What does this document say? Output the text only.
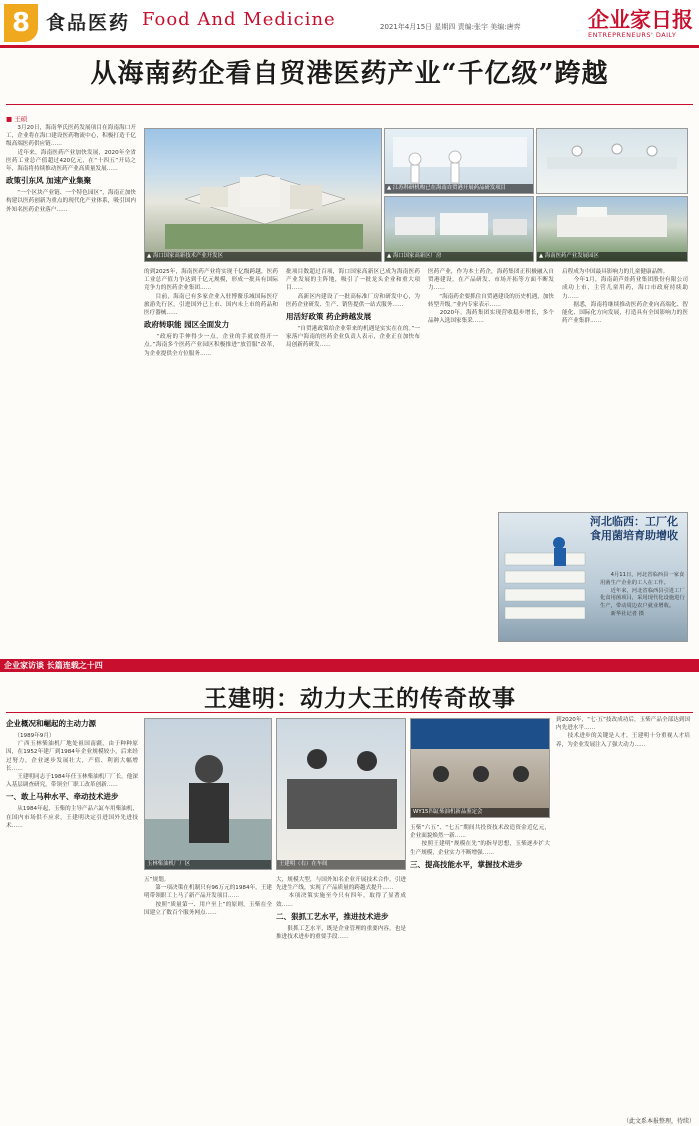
8 食品医药 Food And Medicine	2021年4月15日 星期四 责编:张宇 美编:唐弈	企业家日报
ENTREPRENEURS' DAILY
从海南药企看自贸港医药产业“千亿级”跨越
■ 王硕
▲ 海口国家高新技术产业开发区
▲ 江苏科研机构已在海南自贸港开展药品研发项目
▲ 海口国家高新区厂房	▲ 海南医药产业发展园区
　　3月20日，海南华氏医药发展项目在海南海口开工，企业将在海口建设医药物流中心，积极打造千亿级高端医药供应链……
　　近年来，海南医药产业加快发展，2020年全省医药工业总产值超过420亿元，在“十四五”开局之年，海南将持续推动医药产业高质量发展……
政策引东风 加速产业集聚
　　“一个区块产业链、一个特色园区”，海南正加快构建以医药创新为重点的现代化产业体系，吸引国内外知名医药企业落户……
的到2025年，海南医药产业将实现千亿级跨越，医药工业总产值力争达到千亿元规模，形成一批具有国际竞争力的医药企业集团……
　　目前，海南已有多家企业入驻博鳌乐城国际医疗旅游先行区，引进国外已上市、国内未上市的药品和医疗器械……
政府转职能 园区全面发力
　　“政府的手伸得少一点，企业的手就放得开一点。”海南多个医药产业园区积极推进“放管服”改革，为企业提供全方位服务……
批项目数超过百项，海口国家高新区已成为海南医药产业发展的主阵地，吸引了一批龙头企业和重大项目……
　　高新区内建设了一批高标准厂房和研发中心，为医药企业研发、生产、销售提供一站式服务……
用活好政策 药企跨越发展
　　“自贸港政策给企业带来的机遇是实实在在的。”一家落户海南的医药企业负责人表示，企业正在加快布局创新药研发……
医药产业，作为本土药企，海药集团正积极融入自贸港建设，在产品研发、市场开拓等方面不断发力……
　　“海南药企要抓住自贸港建设的历史机遇，加快转型升级。”业内专家表示……
　　2020年，海药集团实现营收稳步增长，多个品种入选国家集采……
启程成为中国最具影响力的儿童健康品牌。
　　今年1月，海南葫芦娃药业集团股份有限公司成功上市，主营儿童用药，海口市政府持续助力……
　　据悉，海南将继续推动医药企业向高端化、智能化、国际化方向发展，打造具有全国影响力的医药产业集群……
河北临西：工厂化食用菌培育助增收
　　4月11日，河北省临西县一家食用菌生产企业的工人在工作。
　　近年来，河北省临西县引进工厂化食用菌项目，采用现代化设施进行生产，带动周边农户就业增收。
　　新华社记者 摄
企业家访谈 长篇连载之十四
王建明：动力大王的传奇故事
企业概况和崛起的主动力源
　　（1989年9月）
　　广西玉林柴油机厂地处祖国南疆，由于种种原因，在1952年建厂到1984年企业规模较小，后来经过努力，企业逐步发展壮大，产值、利润大幅增长……
　　王建明同志于1984年任玉林柴油机厂厂长，他深入基层调查研究，带领全厂职工改革创新……
一、敢上马种水平、牵动技术进步
　　从1984年起，玉柴的主导产品六缸车用柴油机，在国内市场供不应求，王建明决定引进国外先进技术……
玉林柴油机厂厂区	王建明（右）在车间
WY15四缸柴油机新品鉴定会
五”规划。
　　第一项决策在机制只有96万元的1984年，王建明带领职工上马了新产品开发项目……
　　按照“质量第一、用户至上”的原则，玉柴在全国建立了数百个服务网点……
大，规模大型，与国外知名企业开展技术合作，引进先进生产线，实现了产品质量的跨越式提升……
　　本项决策实施至今只有四年，取得了显著成效……
二、狠抓工艺水平，推进技术进步
　　狠抓工艺水平，既是企业管理的重要内容，也是推进技术进步的重要手段……
玉柴“六五”、“七五”期间共投资技术改造资金近亿元，企业面貌焕然一新……
　　按照王建明“规模在先”的指导思想，玉柴逐步扩大生产规模，企业实力不断增强……
三、提高技能水平，掌握技术进步
到2020年，“七·五”技改成功后，玉柴产品全部达到国内先进水平……
　　技术进步的关键是人才，王建明十分重视人才培养，为企业发展注入了强大动力……
（此文系本报整理，待续）
